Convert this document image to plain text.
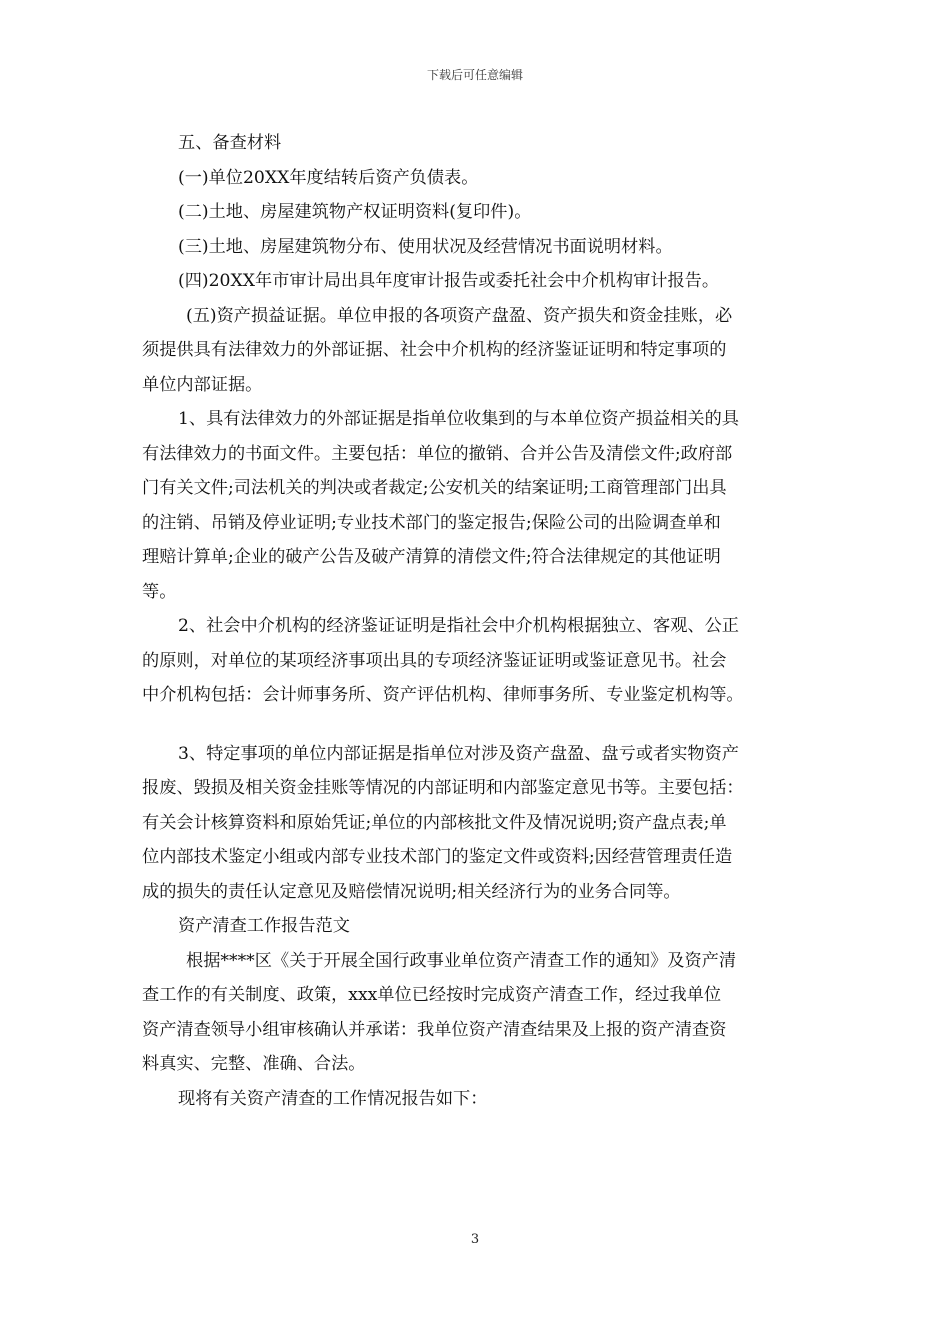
下载后可任意编辑

五、备查材料

(一)单位20XX年度结转后资产负债表。

(二)土地、房屋建筑物产权证明资料(复印件)。

(三)土地、房屋建筑物分布、使用状况及经营情况书面说明材料。

(四)20XX年市审计局出具年度审计报告或委托社会中介机构审计报告。

(五)资产损益证据。单位申报的各项资产盘盈、资产损失和资金挂账，必

须提供具有法律效力的外部证据、社会中介机构的经济鉴证证明和特定事项的

单位内部证据。

1、具有法律效力的外部证据是指单位收集到的与本单位资产损益相关的具

有法律效力的书面文件。主要包括：单位的撤销、合并公告及清偿文件;政府部

门有关文件;司法机关的判决或者裁定;公安机关的结案证明;工商管理部门出具

的注销、吊销及停业证明;专业技术部门的鉴定报告;保险公司的出险调查单和

理赔计算单;企业的破产公告及破产清算的清偿文件;符合法律规定的其他证明

等。

2、社会中介机构的经济鉴证证明是指社会中介机构根据独立、客观、公正

的原则，对单位的某项经济事项出具的专项经济鉴证证明或鉴证意见书。社会

中介机构包括：会计师事务所、资产评估机构、律师事务所、专业鉴定机构等。

3、特定事项的单位内部证据是指单位对涉及资产盘盈、盘亏或者实物资产

报废、毁损及相关资金挂账等情况的内部证明和内部鉴定意见书等。主要包括：

有关会计核算资料和原始凭证;单位的内部核批文件及情况说明;资产盘点表;单

位内部技术鉴定小组或内部专业技术部门的鉴定文件或资料;因经营管理责任造

成的损失的责任认定意见及赔偿情况说明;相关经济行为的业务合同等。

资产清查工作报告范文

根据****区《关于开展全国行政事业单位资产清查工作的通知》及资产清

查工作的有关制度、政策，xxx单位已经按时完成资产清查工作，经过我单位

资产清查领导小组审核确认并承诺：我单位资产清查结果及上报的资产清查资

料真实、完整、准确、合法。

现将有关资产清查的工作情况报告如下：

3
